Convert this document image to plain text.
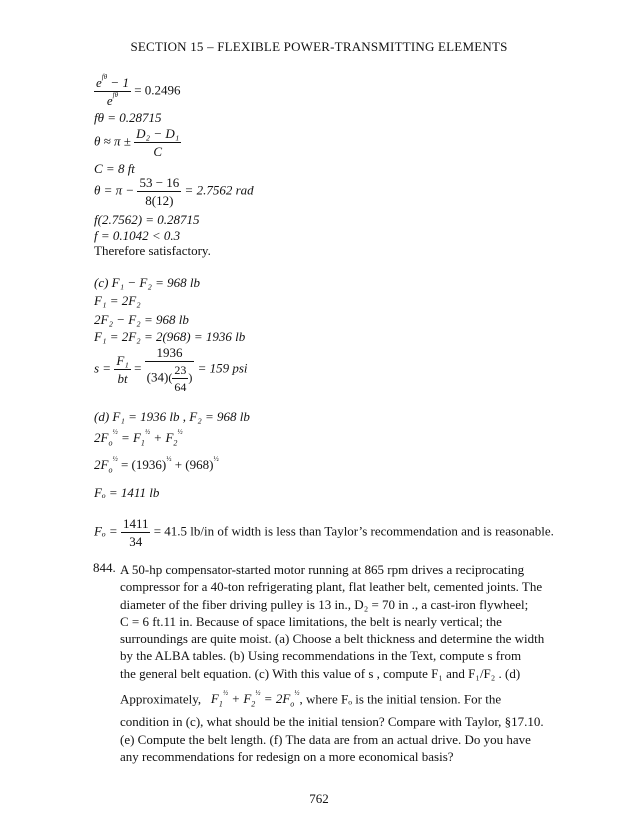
SECTION 15 – FLEXIBLE POWER-TRANSMITTING ELEMENTS
$\frac{e^{f\theta} - 1}{e^{f\theta}} = 0.2496$
fθ = 0.28715
$\theta \approx \pi \pm \frac{\text{D₂ − D₁}}{C}$
C = 8 ft
$\theta = \pi - \frac{53 - 16}{8(12)} = 2.7562$ rad
f(2.7562) = 0.28715
f = 0.1042 < 0.3
Therefore satisfactory.
(c) F₁ − F₂ = 968 lb
F₁ = 2F₂
2F₂ − F₂ = 968 lb
F₁ = 2F₂ = 2(968) = 1936 lb
$s = \frac{\text{F₁}}{bt} = \frac{1936}{(34)( \frac{23}{64} )} = 159$ psi
(d) F₁ = 1936 lb , F₂ = 968 lb
$2F_o^{\frac{1}{2}} = F_1^{\frac{1}{2}} + F_2^{\frac{1}{2}}$
$2F_o^{\frac{1}{2}} = (1936)^{\frac{1}{2}} + (968)^{\frac{1}{2}}$
Fₒ = 1411 lb
$F_o = \frac{1411}{34} = 41.5$ lb/in of width is less than Taylor’s recommendation and is reasonable.
844. A 50-hp compensator-started motor running at 865 rpm drives a reciprocating
compressor for a 40-ton refrigerating plant, flat leather belt, cemented joints. The
diameter of the fiber driving pulley is 13 in., D₂ = 70 in ., a cast-iron flywheel;
C = 6 ft.11 in. Because of space limitations, the belt is nearly vertical; the
surroundings are quite moist. (a) Choose a belt thickness and determine the width
by the ALBA tables. (b) Using recommendations in the Text, compute s from
the general belt equation. (c) With this value of s , compute F₁ and F₁/F₂ . (d)
Approximately,   $F_1^{\frac{1}{2}} + F_2^{\frac{1}{2}} = 2F_o^{\frac{1}{2}}$, where Fₒ is the initial tension. For the
condition in (c), what should be the initial tension? Compare with Taylor, §17.10.
(e) Compute the belt length. (f) The data are from an actual drive. Do you have
any recommendations for redesign on a more economical basis?
762
